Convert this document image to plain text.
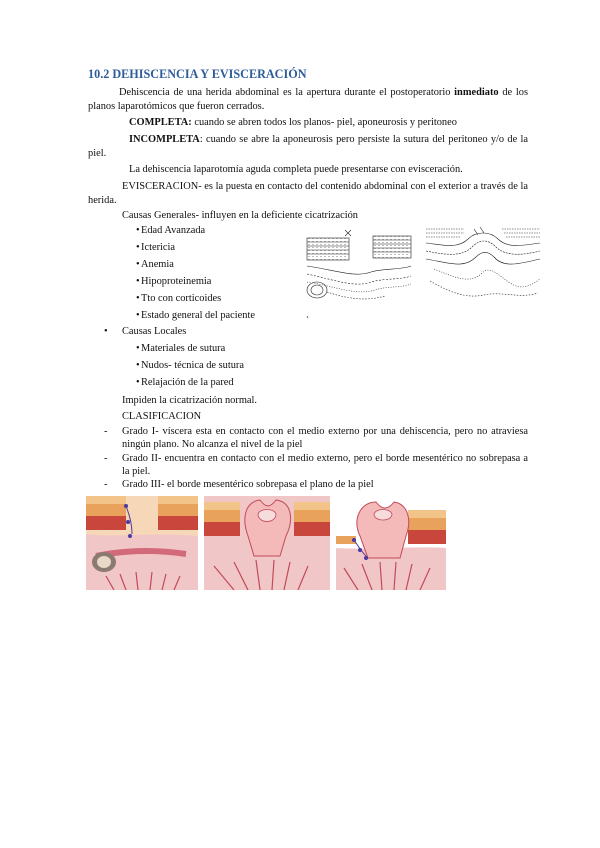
10.2 DEHISCENCIA Y EVISCERACIÓN
Dehiscencia de una herida abdominal es la apertura durante el postoperatorio inmediato de los planos laparotómicos que fueron cerrados.
COMPLETA: cuando se abren todos los planos- piel, aponeurosis y peritoneo
INCOMPLETA: cuando se abre la aponeurosis pero persiste la sutura del peritoneo y/o de la piel.
La dehiscencia laparotomía aguda completa puede presentarse con evisceración.
EVISCERACION- es la puesta en contacto del contenido abdominal con el exterior a través de la herida.
Causas Generales- influyen en la deficiente cicatrización
• Edad Avanzada
• Ictericia
• Anemia
• Hipoproteinemia
• Tto con corticoides
• Estado general del paciente
• Causas Locales
• Materiales de sutura
• Nudos- técnica de sutura
• Relajación de la pared
Impiden la cicatrización normal.
CLASIFICACION
- Grado I- víscera esta en contacto con el medio externo por una dehiscencia, pero no atraviesa ningún plano. No alcanza el nivel de la piel
- Grado II- encuentra en contacto con el medio externo, pero el borde mesentérico no sobrepasa a la piel.
- Grado III- el borde mesentérico sobrepasa el plano de la piel
